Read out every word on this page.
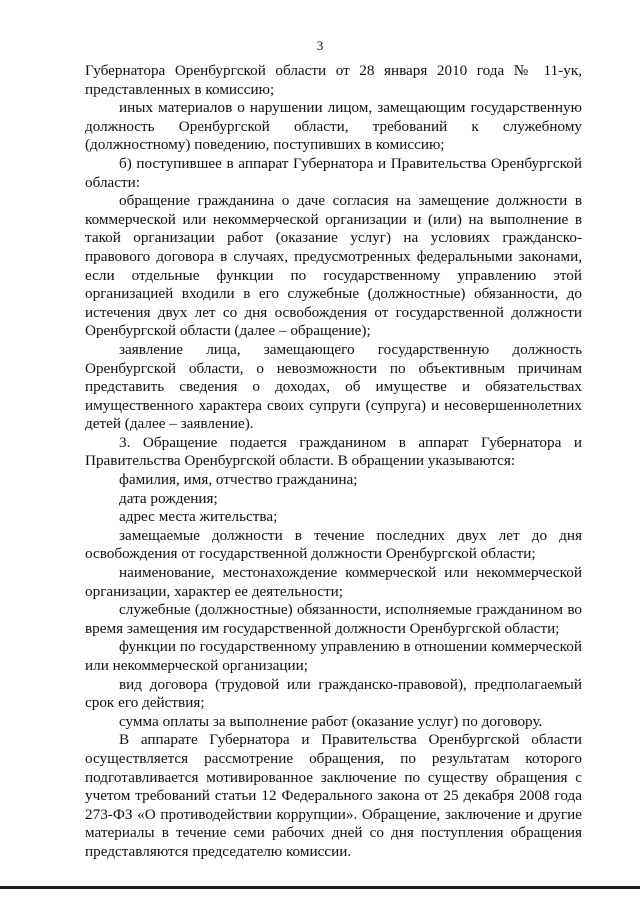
3

Губернатора Оренбургской области от 28 января 2010 года № 11-ук, представленных в комиссию;

иных материалов о нарушении лицом, замещающим государственную должность Оренбургской области, требований к служебному (должностному) поведению, поступивших в комиссию;

б) поступившее в аппарат Губернатора и Правительства Оренбургской области:

обращение гражданина о даче согласия на замещение должности в коммерческой или некоммерческой организации и (или) на выполнение в такой организации работ (оказание услуг) на условиях гражданско-правового договора в случаях, предусмотренных федеральными законами, если отдельные функции по государственному управлению этой организацией входили в его служебные (должностные) обязанности, до истечения двух лет со дня освобождения от государственной должности Оренбургской области (далее – обращение);

заявление лица, замещающего государственную должность Оренбургской области, о невозможности по объективным причинам представить сведения о доходах, об имуществе и обязательствах имущественного характера своих супруги (супруга) и несовершеннолетних детей (далее – заявление).

3. Обращение подается гражданином в аппарат Губернатора и Правительства Оренбургской области. В обращении указываются:

фамилия, имя, отчество гражданина;

дата рождения;

адрес места жительства;

замещаемые должности в течение последних двух лет до дня освобождения от государственной должности Оренбургской области;

наименование, местонахождение коммерческой или некоммерческой организации, характер ее деятельности;

служебные (должностные) обязанности, исполняемые гражданином во время замещения им государственной должности Оренбургской области;

функции по государственному управлению в отношении коммерческой или некоммерческой организации;

вид договора (трудовой или гражданско-правовой), предполагаемый срок его действия;

сумма оплаты за выполнение работ (оказание услуг) по договору.

В аппарате Губернатора и Правительства Оренбургской области осуществляется рассмотрение обращения, по результатам которого подготавливается мотивированное заключение по существу обращения с учетом требований статьи 12 Федерального закона от 25 декабря 2008 года 273-ФЗ «О противодействии коррупции». Обращение, заключение и другие материалы в течение семи рабочих дней со дня поступления обращения представляются председателю комиссии.
